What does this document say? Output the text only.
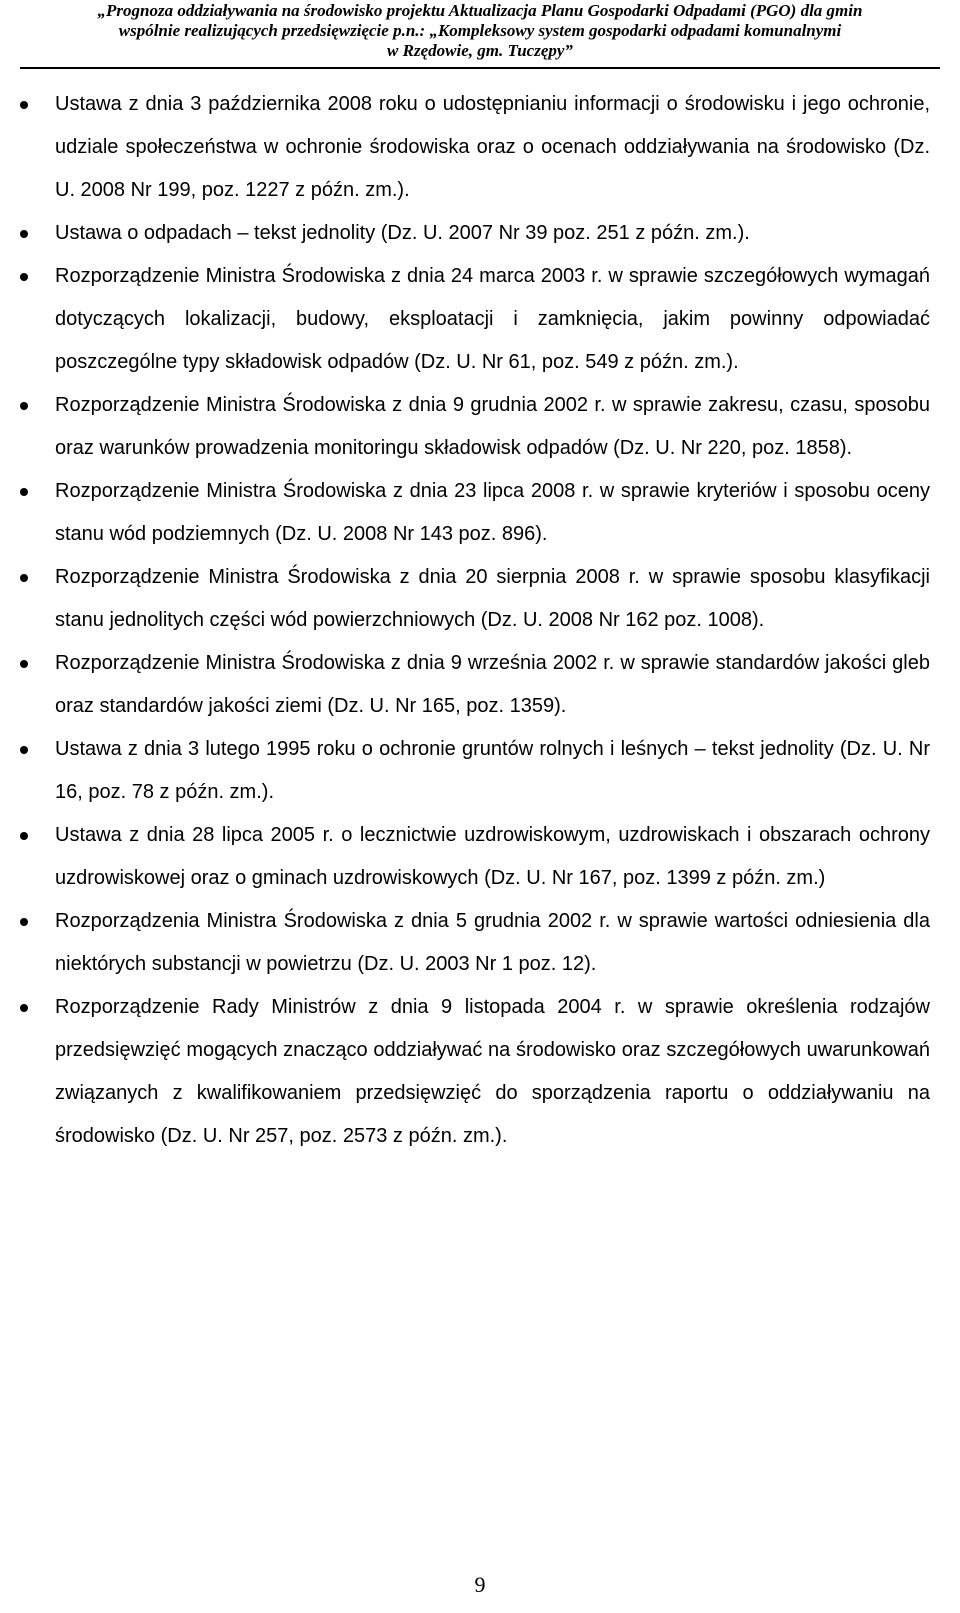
„Prognoza oddziaływania na środowisko projektu Aktualizacja Planu Gospodarki Odpadami (PGO) dla gmin
wspólnie realizujących przedsięwzięcie p.n.: „Kompleksowy system gospodarki odpadami komunalnymi
w Rzędowie, gm. Tuczępy”
Ustawa z dnia 3 października 2008 roku o udostępnianiu informacji o środowisku i jego ochronie, udziale społeczeństwa w ochronie środowiska oraz o ocenach oddziaływania na środowisko (Dz. U. 2008 Nr 199, poz. 1227 z późn. zm.).
Ustawa o odpadach – tekst jednolity (Dz. U. 2007 Nr 39 poz. 251 z późn. zm.).
Rozporządzenie Ministra Środowiska z dnia 24 marca 2003 r. w sprawie szczegółowych wymagań dotyczących lokalizacji, budowy, eksploatacji i zamknięcia, jakim powinny odpowiadać poszczególne typy składowisk odpadów (Dz. U. Nr 61, poz. 549 z późn. zm.).
Rozporządzenie Ministra Środowiska z dnia 9 grudnia 2002 r. w sprawie zakresu, czasu, sposobu oraz warunków prowadzenia monitoringu składowisk odpadów (Dz. U. Nr 220, poz. 1858).
Rozporządzenie Ministra Środowiska z dnia 23 lipca 2008 r. w sprawie kryteriów i sposobu oceny stanu wód podziemnych (Dz. U. 2008 Nr 143 poz. 896).
Rozporządzenie Ministra Środowiska z dnia 20 sierpnia 2008 r. w sprawie sposobu klasyfikacji stanu jednolitych części wód powierzchniowych (Dz. U. 2008 Nr 162 poz. 1008).
Rozporządzenie Ministra Środowiska z dnia 9 września 2002 r. w sprawie standardów jakości gleb oraz standardów jakości ziemi (Dz. U. Nr 165, poz. 1359).
Ustawa z dnia 3 lutego 1995 roku o ochronie gruntów rolnych i leśnych – tekst jednolity (Dz. U. Nr 16, poz. 78 z późn. zm.).
Ustawa z dnia 28 lipca 2005 r. o lecznictwie uzdrowiskowym, uzdrowiskach i obszarach ochrony uzdrowiskowej oraz o gminach uzdrowiskowych (Dz. U. Nr 167, poz. 1399 z późn. zm.)
Rozporządzenia Ministra Środowiska z dnia 5 grudnia 2002 r. w sprawie wartości odniesienia dla niektórych substancji w powietrzu (Dz. U. 2003 Nr 1 poz. 12).
Rozporządzenie Rady Ministrów z dnia 9 listopada 2004 r. w sprawie określenia rodzajów przedsięwzięć mogących znacząco oddziaływać na środowisko oraz szczegółowych uwarunkowań związanych z kwalifikowaniem przedsięwzięć do sporządzenia raportu o oddziaływaniu na środowisko (Dz. U. Nr 257, poz. 2573 z późn. zm.).
9
